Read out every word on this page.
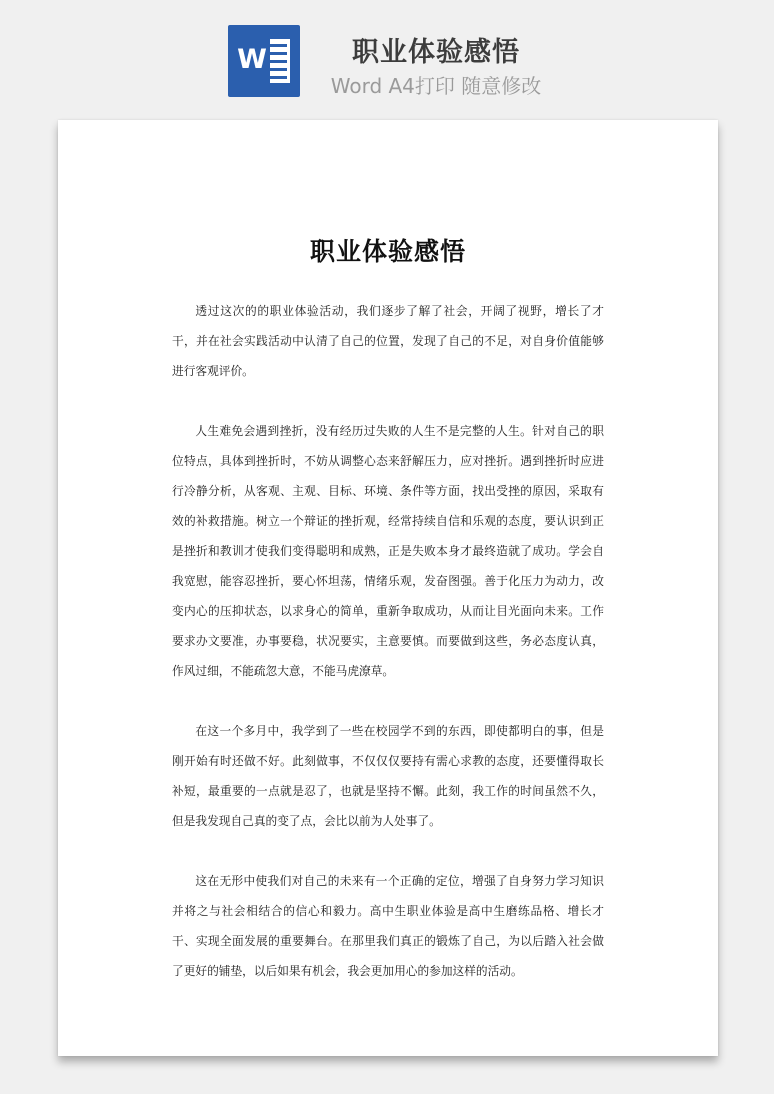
W	职业体验感悟
Word A4打印 随意修改
职业体验感悟

透过这次的的职业体验活动，我们逐步了解了社会，开阔了视野，增长了才干，并在社会实践活动中认清了自己的位置，发现了自己的不足，对自身价值能够进行客观评价。

人生难免会遇到挫折，没有经历过失败的人生不是完整的人生。针对自己的职位特点，具体到挫折时，不妨从调整心态来舒解压力，应对挫折。遇到挫折时应进行冷静分析，从客观、主观、目标、环境、条件等方面，找出受挫的原因，采取有效的补救措施。树立一个辩证的挫折观，经常持续自信和乐观的态度，要认识到正是挫折和教训才使我们变得聪明和成熟，正是失败本身才最终造就了成功。学会自我宽慰，能容忍挫折，要心怀坦荡，情绪乐观，发奋图强。善于化压力为动力，改变内心的压抑状态，以求身心的简单，重新争取成功，从而让目光面向未来。工作要求办文要准，办事要稳，状况要实，主意要慎。而要做到这些，务必态度认真，作风过细，不能疏忽大意，不能马虎潦草。

在这一个多月中，我学到了一些在校园学不到的东西，即使都明白的事，但是刚开始有时还做不好。此刻做事，不仅仅仅要持有需心求教的态度，还要懂得取长补短，最重要的一点就是忍了，也就是坚持不懈。此刻，我工作的时间虽然不久，但是我发现自己真的变了点，会比以前为人处事了。

这在无形中使我们对自己的未来有一个正确的定位，增强了自身努力学习知识并将之与社会相结合的信心和毅力。高中生职业体验是高中生磨练品格、增长才干、实现全面发展的重要舞台。在那里我们真正的锻炼了自己，为以后踏入社会做了更好的铺垫，以后如果有机会，我会更加用心的参加这样的活动。
